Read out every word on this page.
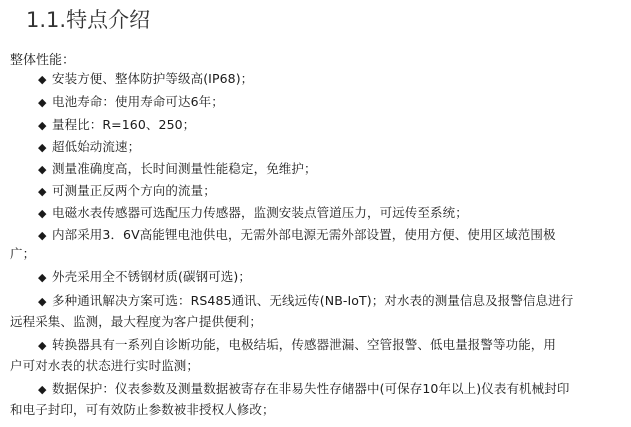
1.1.特点介绍
整体性能：
◆ 安装方便、整体防护等级高(IP68)；
◆ 电池寿命：使用寿命可达6年；
◆ 量程比：R=160、250；
◆ 超低始动流速；
◆ 测量准确度高，长时间测量性能稳定，免维护；
◆ 可测量正反两个方向的流量；
◆ 电磁水表传感器可选配压力传感器，监测安装点管道压力，可远传至系统；
◆ 内部采用3．6V高能锂电池供电，无需外部电源无需外部设置，使用方便、使用区域范围极
广；
◆ 外壳采用全不锈钢材质(碳钢可选)；
◆ 多种通讯解决方案可选：RS485通讯、无线远传(NB-IoT)；对水表的测量信息及报警信息进行
远程采集、监测，最大程度为客户提供便利；
◆ 转换器具有一系列自诊断功能，电极结垢，传感器泄漏、空管报警、低电量报警等功能，用
户可对水表的状态进行实时监测；
◆ 数据保护：仪表参数及测量数据被寄存在非易失性存储器中(可保存10年以上)仪表有机械封印
和电子封印，可有效防止参数被非授权人修改；
